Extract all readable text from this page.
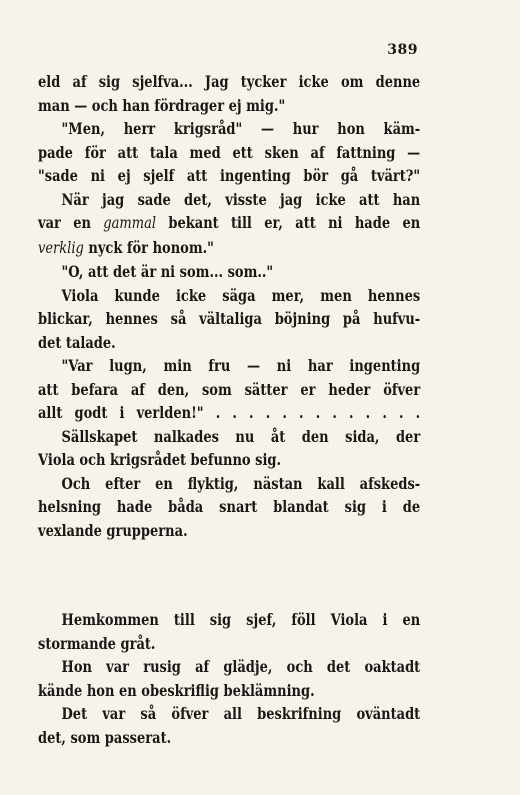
389
eld af sig sjelfva... Jag tycker icke om denne
man — och han fördrager ej mig."
"Men, herr krigsråd" — hur hon käm-
pade för att tala med ett sken af fattning —
"sade ni ej sjelf att ingenting bör gå tvärt?"
När jag sade det, visste jag icke att han
var en gammal bekant till er, att ni hade en
verklig nyck för honom."
"O, att det är ni som... som.."
Viola kunde icke säga mer, men hennes
blickar, hennes så vältaliga böjning på hufvu-
det talade.
"Var lugn, min fru — ni har ingenting
att befara af den, som sätter er heder öfver
allt godt i verlden!" . . . . . . . . . . . . .
Sällskapet nalkades nu åt den sida, der
Viola och krigsrådet befunno sig.
Och efter en flyktig, nästan kall afskeds-
helsning hade båda snart blandat sig i de
vexlande grupperna.
Hemkommen till sig sjef, föll Viola i en
stormande gråt.
Hon var rusig af glädje, och det oaktadt
kände hon en obeskriflig beklämning.
Det var så öfver all beskrifning oväntadt
det, som passerat.
